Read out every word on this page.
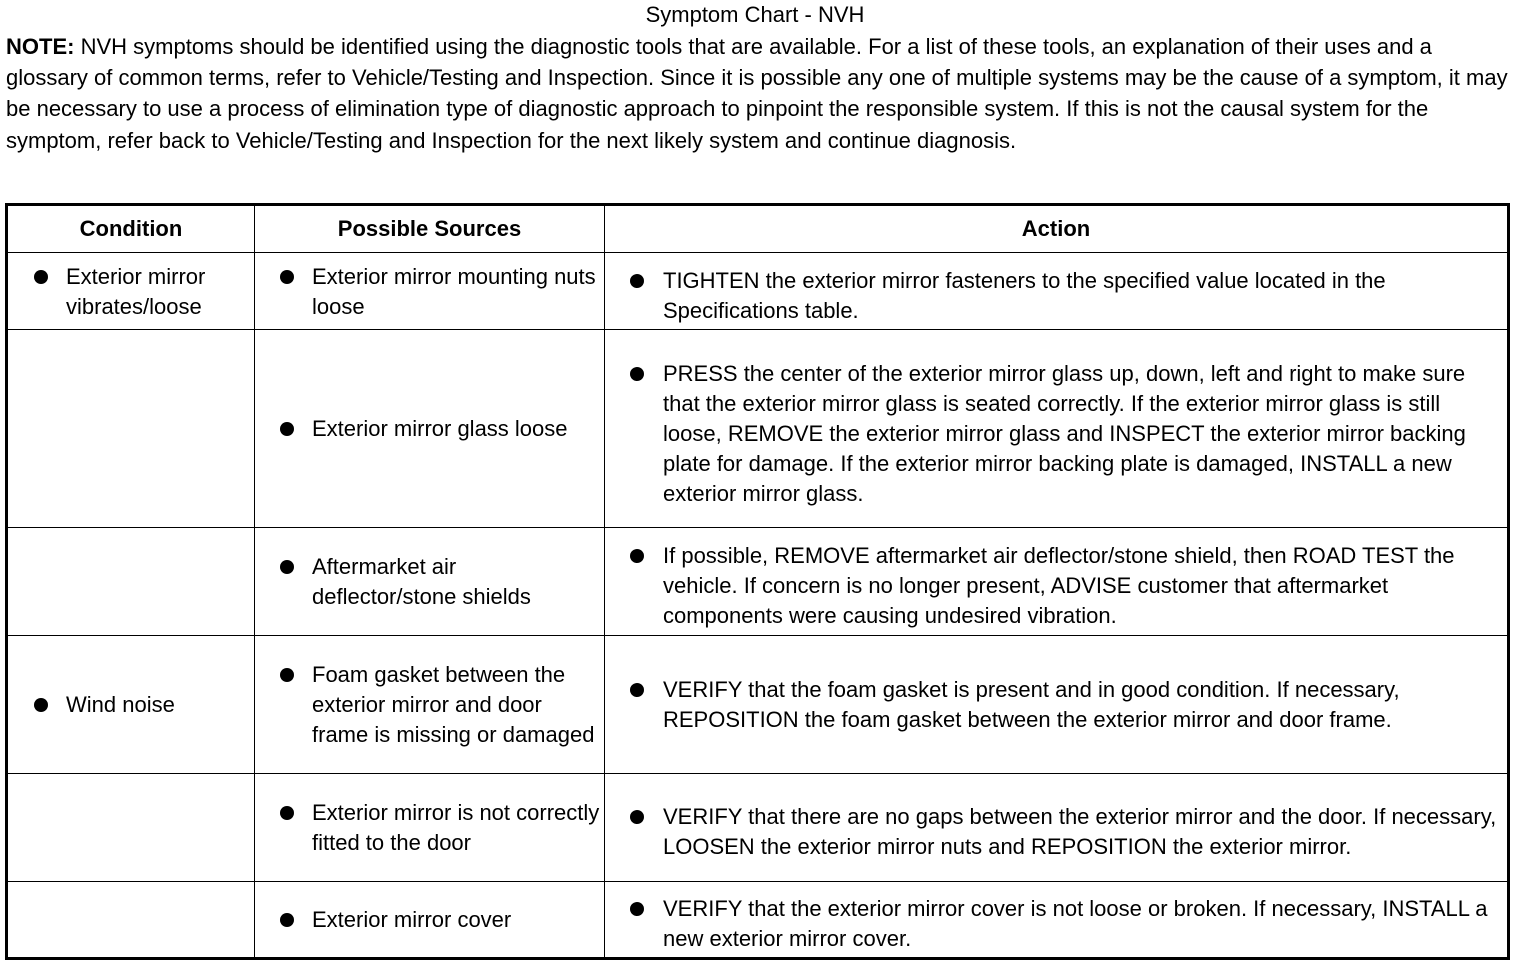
Symptom Chart - NVH
NOTE: NVH symptoms should be identified using the diagnostic tools that are available. For a list of these tools, an explanation of their uses and a glossary of common terms, refer to Vehicle/Testing and Inspection. Since it is possible any one of multiple systems may be the cause of a symptom, it may be necessary to use a process of elimination type of diagnostic approach to pinpoint the responsible system. If this is not the causal system for the symptom, refer back to Vehicle/Testing and Inspection for the next likely system and continue diagnosis.
Condition	Possible Sources	Action

Exterior mirror vibrates/loose	Exterior mirror mounting nuts loose	TIGHTEN the exterior mirror fasteners to the specified value located in the Specifications table.

	Exterior mirror glass loose	PRESS the center of the exterior mirror glass up, down, left and right to make sure that the exterior mirror glass is seated correctly. If the exterior mirror glass is still loose, REMOVE the exterior mirror glass and INSPECT the exterior mirror backing plate for damage. If the exterior mirror backing plate is damaged, INSTALL a new exterior mirror glass.

	Aftermarket air deflector/stone shields	If possible, REMOVE aftermarket air deflector/stone shield, then ROAD TEST the vehicle. If concern is no longer present, ADVISE customer that aftermarket components were causing undesired vibration.

Wind noise	Foam gasket between the exterior mirror and door frame is missing or damaged	VERIFY that the foam gasket is present and in good condition. If necessary, REPOSITION the foam gasket between the exterior mirror and door frame.

	Exterior mirror is not correctly fitted to the door	VERIFY that there are no gaps between the exterior mirror and the door. If necessary, LOOSEN the exterior mirror nuts and REPOSITION the exterior mirror.

	Exterior mirror cover	VERIFY that the exterior mirror cover is not loose or broken. If necessary, INSTALL a new exterior mirror cover.
